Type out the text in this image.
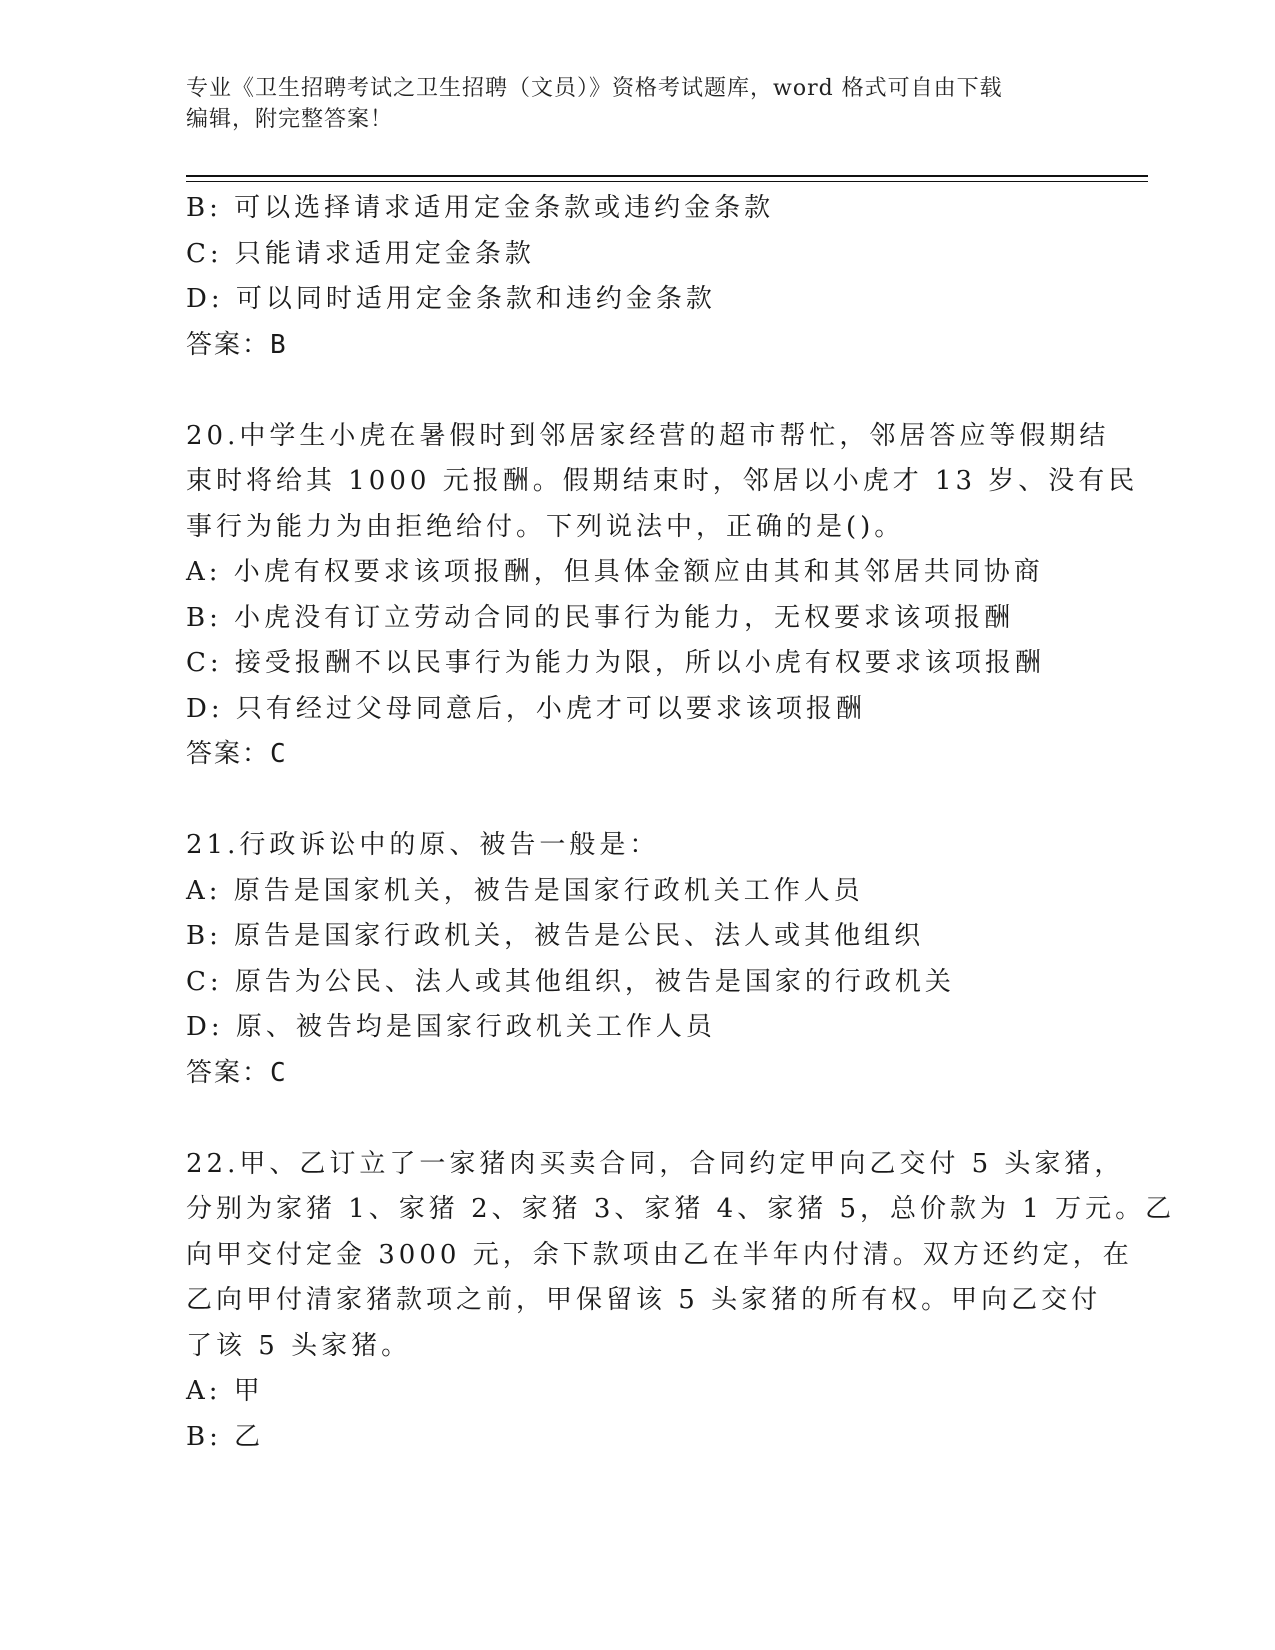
专业《卫生招聘考试之卫生招聘（文员）》资格考试题库，word 格式可自由下载
编辑，附完整答案！
B: 可以选择请求适用定金条款或违约金条款
C: 只能请求适用定金条款
D: 可以同时适用定金条款和违约金条款
答案：B
20.中学生小虎在暑假时到邻居家经营的超市帮忙，邻居答应等假期结
束时将给其 1000 元报酬。假期结束时，邻居以小虎才 13 岁、没有民
事行为能力为由拒绝给付。下列说法中，正确的是()。
A: 小虎有权要求该项报酬，但具体金额应由其和其邻居共同协商
B: 小虎没有订立劳动合同的民事行为能力，无权要求该项报酬
C: 接受报酬不以民事行为能力为限，所以小虎有权要求该项报酬
D: 只有经过父母同意后，小虎才可以要求该项报酬
答案：C
21.行政诉讼中的原、被告一般是：
A: 原告是国家机关，被告是国家行政机关工作人员
B: 原告是国家行政机关，被告是公民、法人或其他组织
C: 原告为公民、法人或其他组织，被告是国家的行政机关
D: 原、被告均是国家行政机关工作人员
答案：C
22.甲、乙订立了一家猪肉买卖合同，合同约定甲向乙交付 5 头家猪，
分别为家猪 1、家猪 2、家猪 3、家猪 4、家猪 5，总价款为 1 万元。乙
向甲交付定金 3000 元，余下款项由乙在半年内付清。双方还约定，在
乙向甲付清家猪款项之前，甲保留该 5 头家猪的所有权。甲向乙交付
了该 5 头家猪。
A: 甲
B: 乙
